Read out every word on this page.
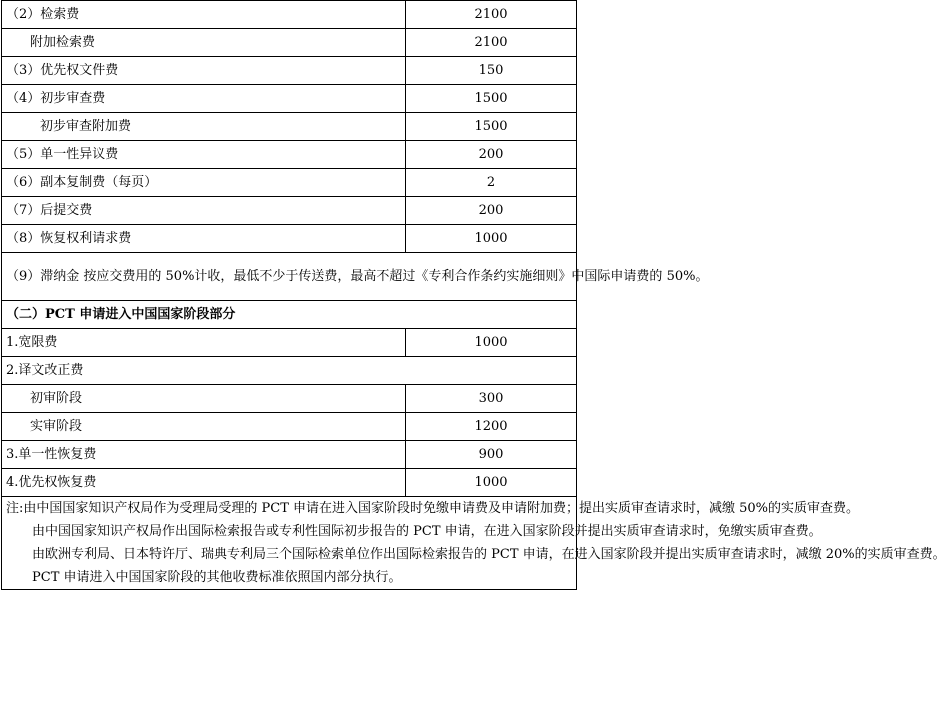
（2）检索费	2100
附加检索费	2100
（3）优先权文件费	150
（4）初步审查费	1500
初步审查附加费	1500
（5）单一性异议费	200
（6）副本复制费（每页）	2
（7）后提交费	200
（8）恢复权利请求费	1000
（9）滞纳金 按应交费用的 50%计收，最低不少于传送费，最高不超过《专利合作条约实施细则》中国际申请费的 50%。	
（二）PCT 申请进入中国国家阶段部分	
1.宽限费	1000
2.译文改正费	
初审阶段	300
实审阶段	1200
3.单一性恢复费	900
4.优先权恢复费	1000

注:由中国国家知识产权局作为受理局受理的 PCT 申请在进入国家阶段时免缴申请费及申请附加费；提出实质审查请求时，减缴 50%的实质审查费。

由中国国家知识产权局作出国际检索报告或专利性国际初步报告的 PCT 申请，在进入国家阶段并提出实质审查请求时，免缴实质审查费。

由欧洲专利局、日本特许厅、瑞典专利局三个国际检索单位作出国际检索报告的 PCT 申请，在进入国家阶段并提出实质审查请求时，减缴 20%的实质审查费。

PCT 申请进入中国国家阶段的其他收费标准依照国内部分执行。	
